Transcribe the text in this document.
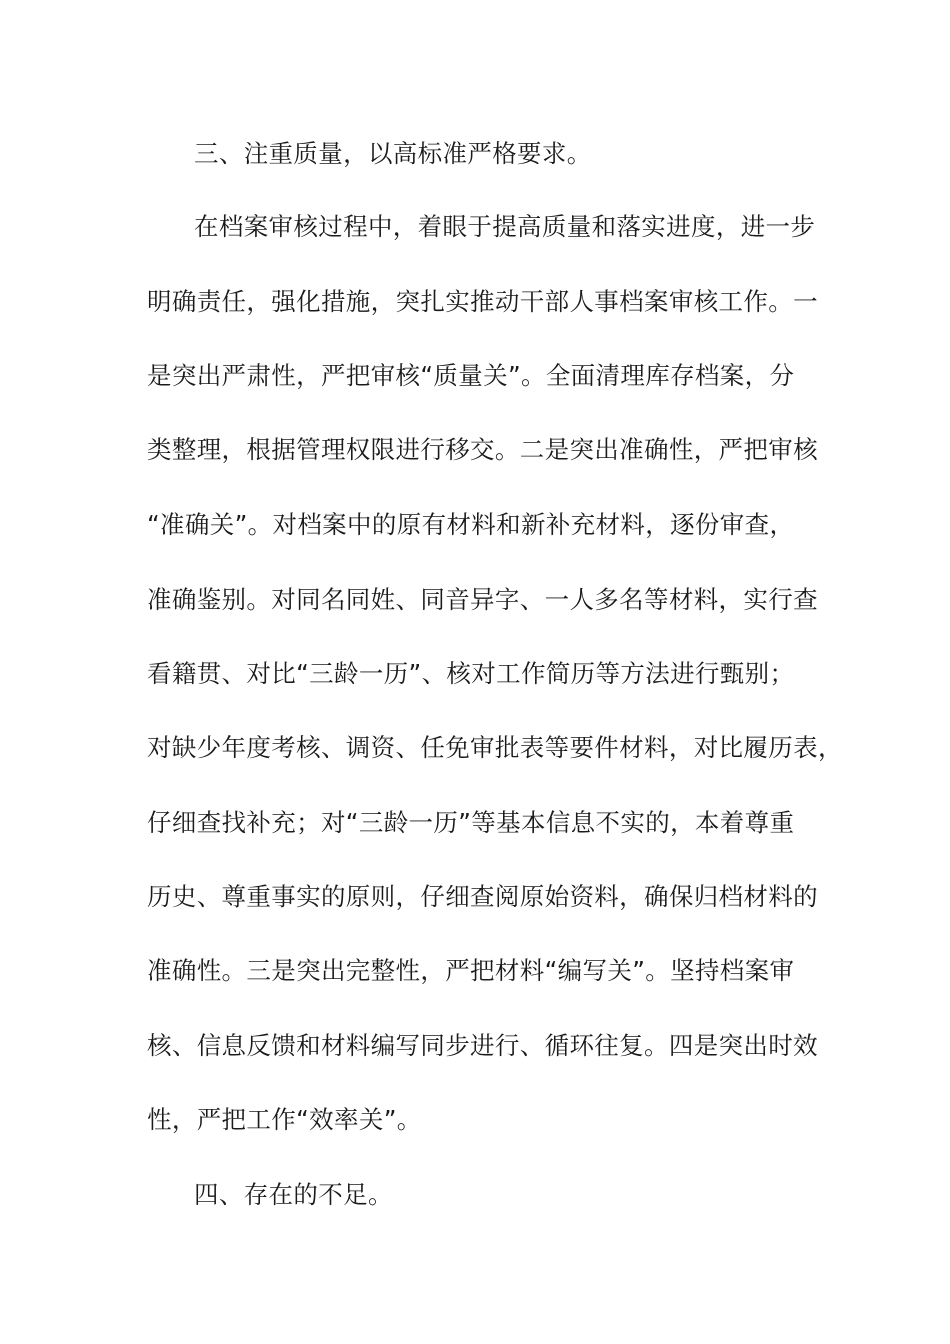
三、注重质量，以高标准严格要求。
在档案审核过程中，着眼于提高质量和落实进度，进一步
明确责任，强化措施，突扎实推动干部人事档案审核工作。一
是突出严肃性，严把审核“质量关”。全面清理库存档案，分
类整理，根据管理权限进行移交。二是突出准确性，严把审核
“准确关”。对档案中的原有材料和新补充材料，逐份审查，
准确鉴别。对同名同姓、同音异字、一人多名等材料，实行查
看籍贯、对比“三龄一历”、核对工作简历等方法进行甄别；
对缺少年度考核、调资、任免审批表等要件材料，对比履历表，
仔细查找补充；对“三龄一历”等基本信息不实的，本着尊重
历史、尊重事实的原则，仔细查阅原始资料，确保归档材料的
准确性。三是突出完整性，严把材料“编写关”。坚持档案审
核、信息反馈和材料编写同步进行、循环往复。四是突出时效
性，严把工作“效率关”。
四、存在的不足。
